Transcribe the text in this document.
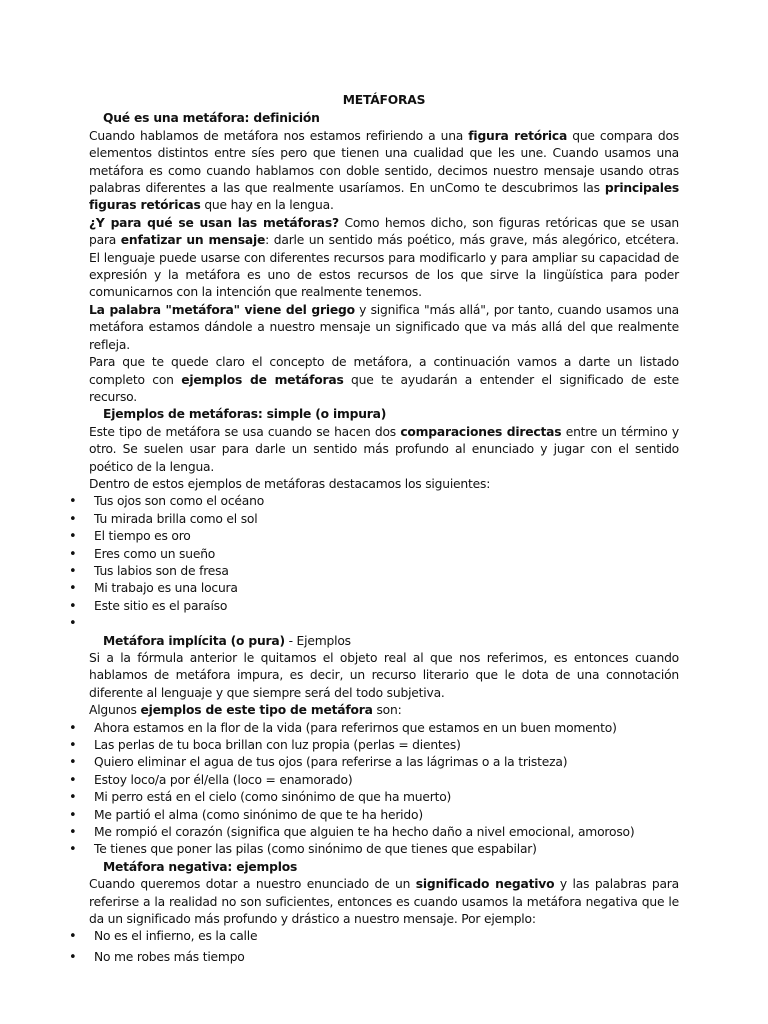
METÁFORAS
Qué es una metáfora: definición
Cuando hablamos de metáfora nos estamos refiriendo a una figura retórica que compara dos elementos distintos entre síes pero que tienen una cualidad que les une. Cuando usamos una metáfora es como cuando hablamos con doble sentido, decimos nuestro mensaje usando otras palabras diferentes a las que realmente usaríamos. En unComo te descubrimos las principales figuras retóricas que hay en la lengua.
¿Y para qué se usan las metáforas? Como hemos dicho, son figuras retóricas que se usan para enfatizar un mensaje: darle un sentido más poético, más grave, más alegórico, etcétera. El lenguaje puede usarse con diferentes recursos para modificarlo y para ampliar su capacidad de expresión y la metáfora es uno de estos recursos de los que sirve la lingüística para poder comunicarnos con la intención que realmente tenemos.
La palabra "metáfora" viene del griego y significa "más allá", por tanto, cuando usamos una metáfora estamos dándole a nuestro mensaje un significado que va más allá del que realmente refleja.
Para que te quede claro el concepto de metáfora, a continuación vamos a darte un listado completo con ejemplos de metáforas que te ayudarán a entender el significado de este recurso.
Ejemplos de metáforas: simple (o impura)
Este tipo de metáfora se usa cuando se hacen dos comparaciones directas entre un término y otro. Se suelen usar para darle un sentido más profundo al enunciado y jugar con el sentido poético de la lengua.
Dentro de estos ejemplos de metáforas destacamos los siguientes:
• Tus ojos son como el océano
• Tu mirada brilla como el sol
• El tiempo es oro
• Eres como un sueño
• Tus labios son de fresa
• Mi trabajo es una locura
• Este sitio es el paraíso
•
Metáfora implícita (o pura) - Ejemplos
Si a la fórmula anterior le quitamos el objeto real al que nos referimos, es entonces cuando hablamos de metáfora impura, es decir, un recurso literario que le dota de una connotación diferente al lenguaje y que siempre será del todo subjetiva.
Algunos ejemplos de este tipo de metáfora son:
• Ahora estamos en la flor de la vida (para referirnos que estamos en un buen momento)
• Las perlas de tu boca brillan con luz propia (perlas = dientes)
• Quiero eliminar el agua de tus ojos (para referirse a las lágrimas o a la tristeza)
• Estoy loco/a por él/ella (loco = enamorado)
• Mi perro está en el cielo (como sinónimo de que ha muerto)
• Me partió el alma (como sinónimo de que te ha herido)
• Me rompió el corazón (significa que alguien te ha hecho daño a nivel emocional, amoroso)
• Te tienes que poner las pilas (como sinónimo de que tienes que espabilar)
Metáfora negativa: ejemplos
Cuando queremos dotar a nuestro enunciado de un significado negativo y las palabras para referirse a la realidad no son suficientes, entonces es cuando usamos la metáfora negativa que le da un significado más profundo y drástico a nuestro mensaje. Por ejemplo:
• No es el infierno, es la calle
• No me robes más tiempo
